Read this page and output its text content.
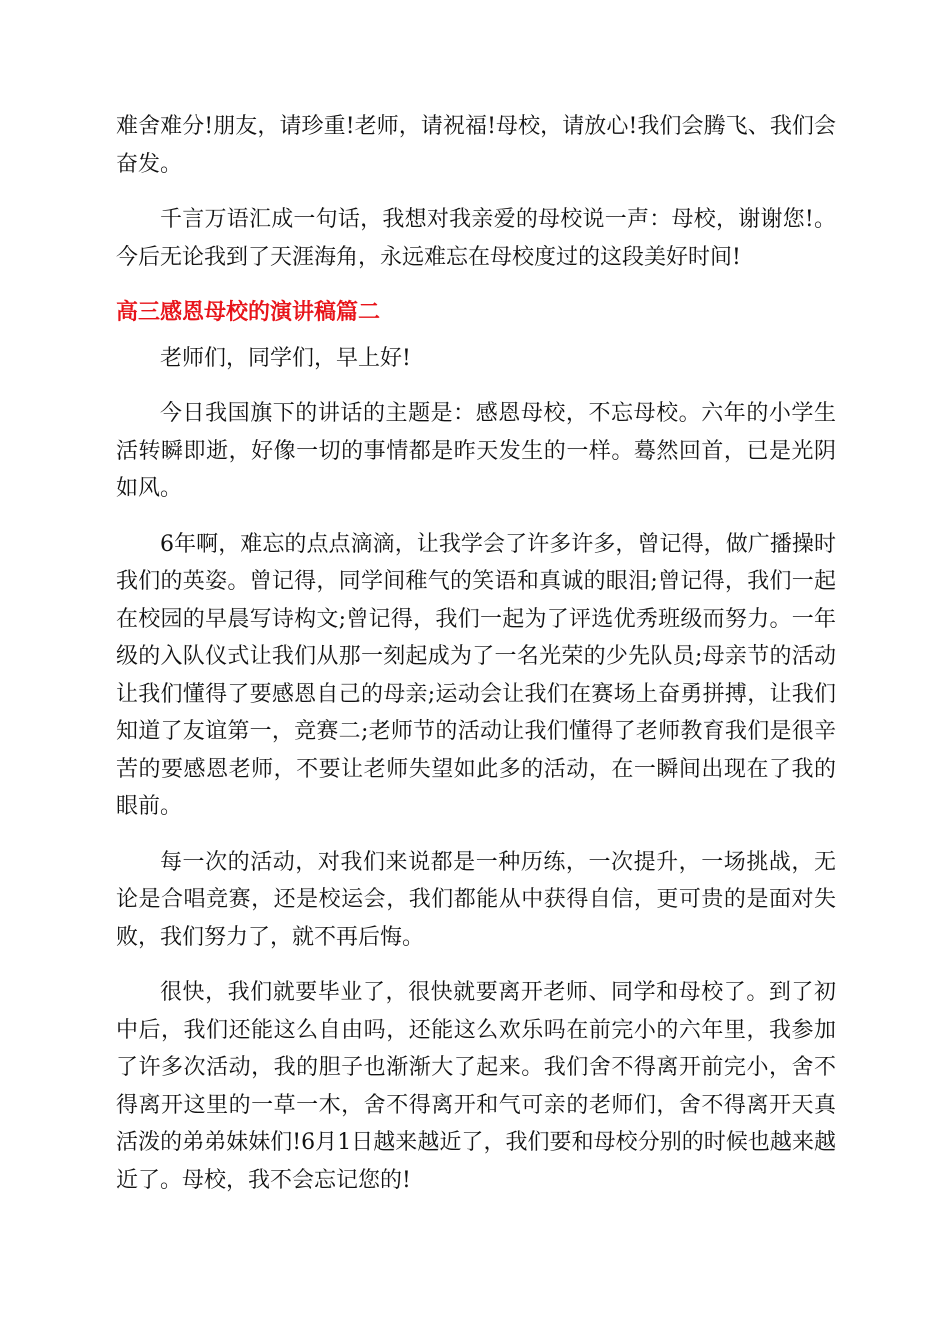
难舍难分!朋友，请珍重!老师，请祝福!母校，请放心!我们会腾飞、我们会奋发。

千言万语汇成一句话，我想对我亲爱的母校说一声：母校，谢谢您!。今后无论我到了天涯海角，永远难忘在母校度过的这段美好时间!

高三感恩母校的演讲稿篇二

老师们，同学们，早上好!

今日我国旗下的讲话的主题是：感恩母校，不忘母校。六年的小学生活转瞬即逝，好像一切的事情都是昨天发生的一样。蓦然回首，已是光阴如风。

6年啊，难忘的点点滴滴，让我学会了许多许多，曾记得，做广播操时我们的英姿。曾记得，同学间稚气的笑语和真诚的眼泪;曾记得，我们一起在校园的早晨写诗构文;曾记得，我们一起为了评选优秀班级而努力。一年级的入队仪式让我们从那一刻起成为了一名光荣的少先队员;母亲节的活动让我们懂得了要感恩自己的母亲;运动会让我们在赛场上奋勇拼搏，让我们知道了友谊第一，竞赛二;老师节的活动让我们懂得了老师教育我们是很辛苦的要感恩老师，不要让老师失望如此多的活动，在一瞬间出现在了我的眼前。

每一次的活动，对我们来说都是一种历练，一次提升，一场挑战，无论是合唱竞赛，还是校运会，我们都能从中获得自信，更可贵的是面对失败，我们努力了，就不再后悔。

很快，我们就要毕业了，很快就要离开老师、同学和母校了。到了初中后，我们还能这么自由吗，还能这么欢乐吗在前完小的六年里，我参加了许多次活动，我的胆子也渐渐大了起来。我们舍不得离开前完小，舍不得离开这里的一草一木，舍不得离开和气可亲的老师们，舍不得离开天真活泼的弟弟妹妹们!6月1日越来越近了，我们要和母校分别的时候也越来越近了。母校，我不会忘记您的!
